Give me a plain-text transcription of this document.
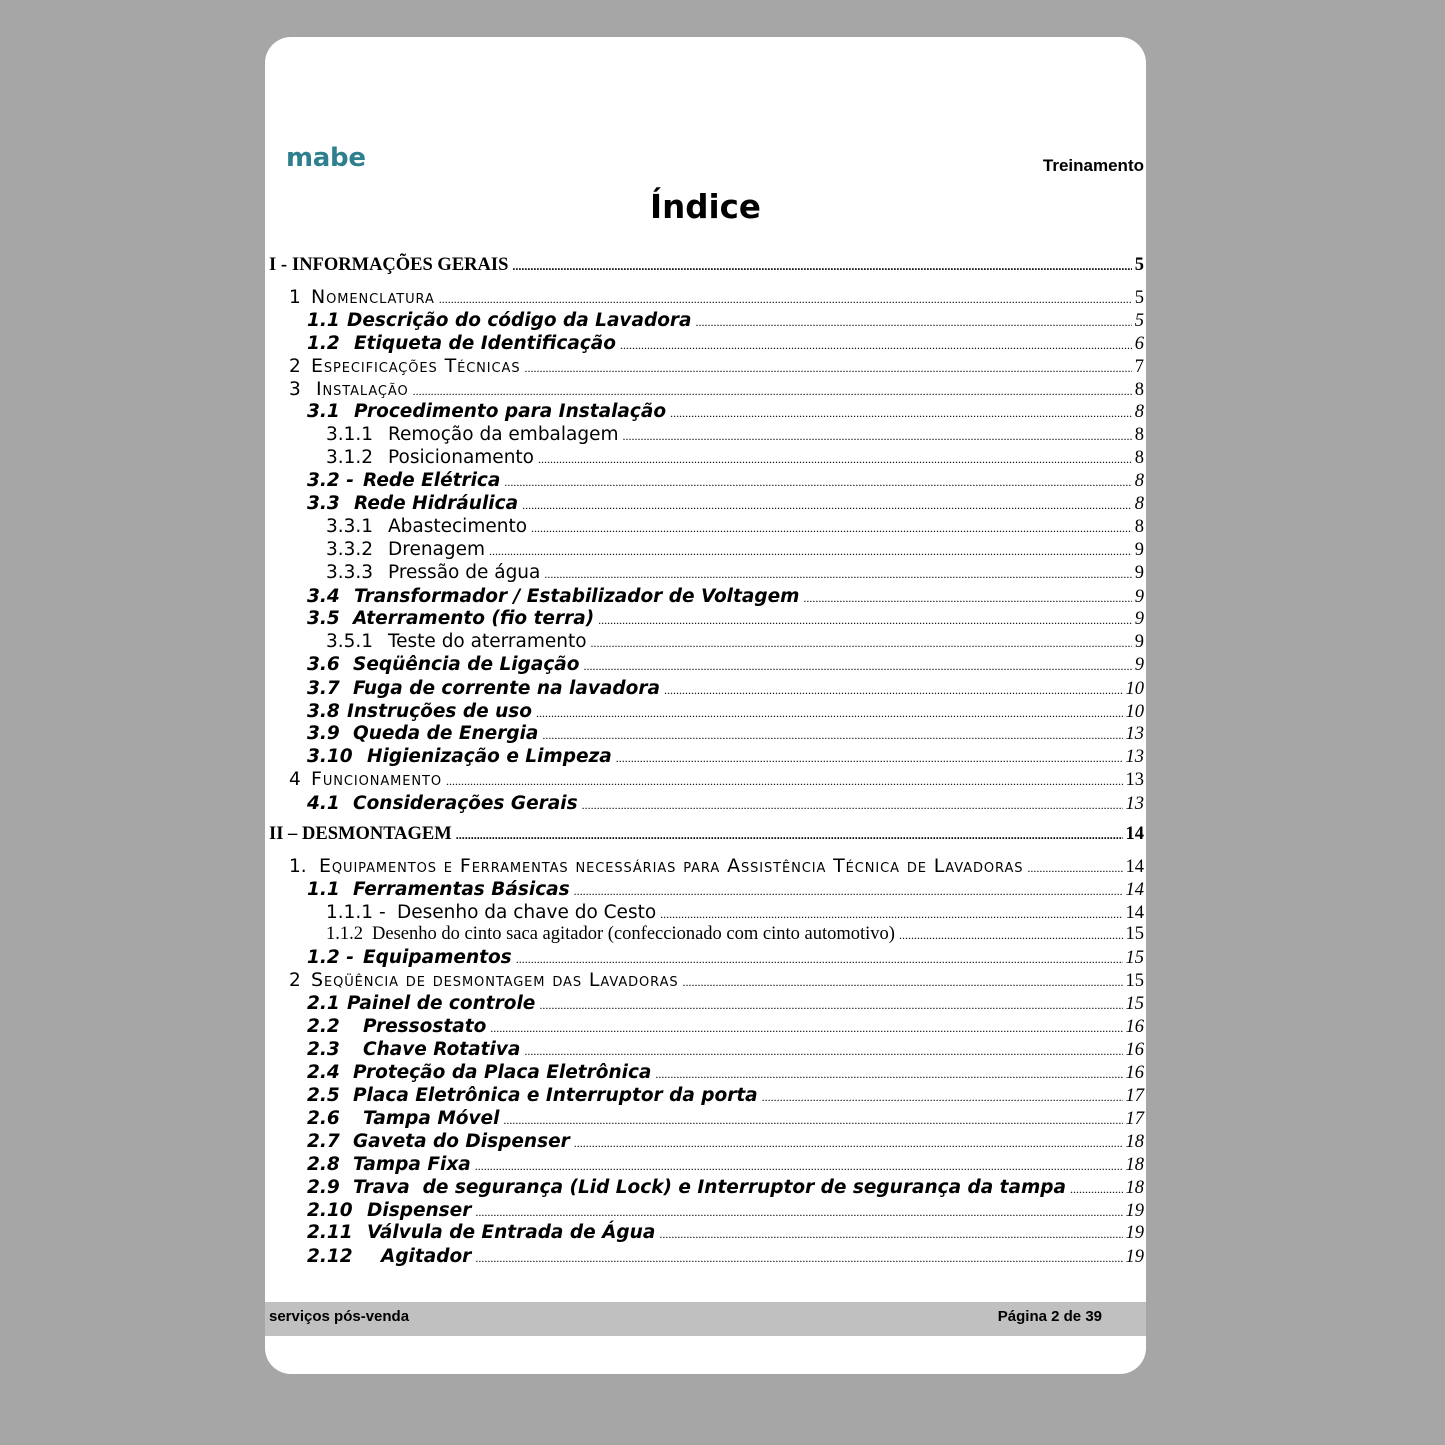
mabe	Treinamento
Índice
I - INFORMAÇÕES GERAIS .....	5
1 Nomenclatura .....	5
1.1 Descrição do código da Lavadora .....	5
1.2 Etiqueta de Identificação .....	6
2 Especificações Técnicas .....	7
3 Instalação .....	8
3.1 Procedimento para Instalação .....	8
3.1.1 Remoção da embalagem .....	8
3.1.2 Posicionamento .....	8
3.2 - Rede Elétrica .....	8
3.3 Rede Hidráulica .....	8
3.3.1 Abastecimento .....	8
3.3.2 Drenagem .....	9
3.3.3 Pressão de água .....	9
3.4 Transformador / Estabilizador de Voltagem .....	9
3.5 Aterramento (fio terra) .....	9
3.5.1 Teste do aterramento .....	9
3.6 Seqüência de Ligação .....	9
3.7 Fuga de corrente na lavadora .....	10
3.8 Instruções de uso .....	10
3.9 Queda de Energia .....	13
3.10 Higienização e Limpeza .....	13
4 Funcionamento .....	13
4.1 Considerações Gerais .....	13
II – DESMONTAGEM .....	14
1. Equipamentos e Ferramentas necessárias para Assistência Técnica de Lavadoras .....	14
1.1 Ferramentas Básicas .....	14
1.1.1 - Desenho da chave do Cesto .....	14
1.1.2 Desenho do cinto saca agitador (confeccionado com cinto automotivo) .....	15
1.2 - Equipamentos .....	15
2 Seqüência de desmontagem das Lavadoras .....	15
2.1 Painel de controle .....	15
2.2	Pressostato .....	16
2.3	Chave Rotativa .....	16
2.4 Proteção da Placa Eletrônica .....	16
2.5 Placa Eletrônica e Interruptor da porta .....	17
2.6	Tampa Móvel .....	17
2.7 Gaveta do Dispenser .....	18
2.8 Tampa Fixa .....	18
2.9 Trava  de segurança (Lid Lock) e Interruptor de segurança da tampa .....	18
2.10 Dispenser .....	19
2.11 Válvula de Entrada de Água .....	19
2.12	Agitador .....	19
serviços pós-venda	Página 2 de 39
